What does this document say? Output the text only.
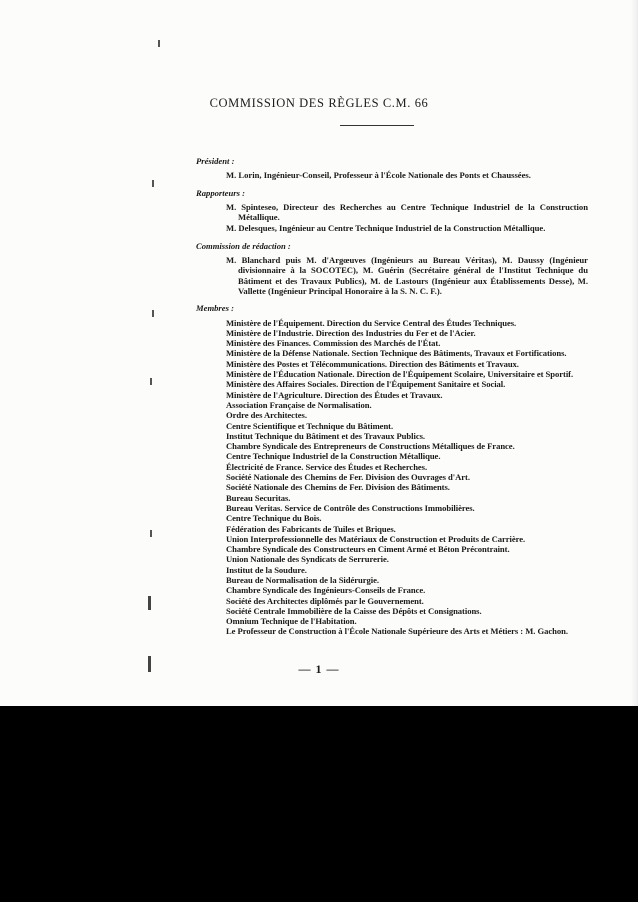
COMMISSION DES RÈGLES C.M. 66

Président :

M. Lorin, Ingénieur-Conseil, Professeur à l'École Nationale des Ponts et Chaussées.

Rapporteurs :

M. Spinteseo, Directeur des Recherches au Centre Technique Industriel de la Construction Métallique.

M. Delesques, Ingénieur au Centre Technique Industriel de la Construction Métallique.

Commission de rédaction :

M. Blanchard puis M. d'Argœuves (Ingénieurs au Bureau Véritas), M. Daussy (Ingénieur divisionnaire à la SOCOTEC), M. Guérin (Secrétaire général de l'Institut Technique du Bâtiment et des Travaux Publics), M. de Lastours (Ingénieur aux Établissements Desse), M. Vallette (Ingénieur Principal Honoraire à la S. N. C. F.).

Membres :

Ministère de l'Équipement. Direction du Service Central des Études Techniques.

Ministère de l'Industrie. Direction des Industries du Fer et de l'Acier.

Ministère des Finances. Commission des Marchés de l'État.

Ministère de la Défense Nationale. Section Technique des Bâtiments, Travaux et Fortifications.

Ministère des Postes et Télécommunications. Direction des Bâtiments et Travaux.

Ministère de l'Éducation Nationale. Direction de l'Équipement Scolaire, Universitaire et Sportif.

Ministère des Affaires Sociales. Direction de l'Équipement Sanitaire et Social.

Ministère de l'Agriculture. Direction des Études et Travaux.

Association Française de Normalisation.

Ordre des Architectes.

Centre Scientifique et Technique du Bâtiment.

Institut Technique du Bâtiment et des Travaux Publics.

Chambre Syndicale des Entrepreneurs de Constructions Métalliques de France.

Centre Technique Industriel de la Construction Métallique.

Électricité de France. Service des Études et Recherches.

Société Nationale des Chemins de Fer. Division des Ouvrages d'Art.

Société Nationale des Chemins de Fer. Division des Bâtiments.

Bureau Securitas.

Bureau Veritas. Service de Contrôle des Constructions Immobilières.

Centre Technique du Bois.

Fédération des Fabricants de Tuiles et Briques.

Union Interprofessionnelle des Matériaux de Construction et Produits de Carrière.

Chambre Syndicale des Constructeurs en Ciment Armé et Béton Précontraint.

Union Nationale des Syndicats de Serrurerie.

Institut de la Soudure.

Bureau de Normalisation de la Sidérurgie.

Chambre Syndicale des Ingénieurs-Conseils de France.

Société des Architectes diplômés par le Gouvernement.

Société Centrale Immobilière de la Caisse des Dépôts et Consignations.

Omnium Technique de l'Habitation.

Le Professeur de Construction à l'École Nationale Supérieure des Arts et Métiers : M. Gachon.

— 1 —
